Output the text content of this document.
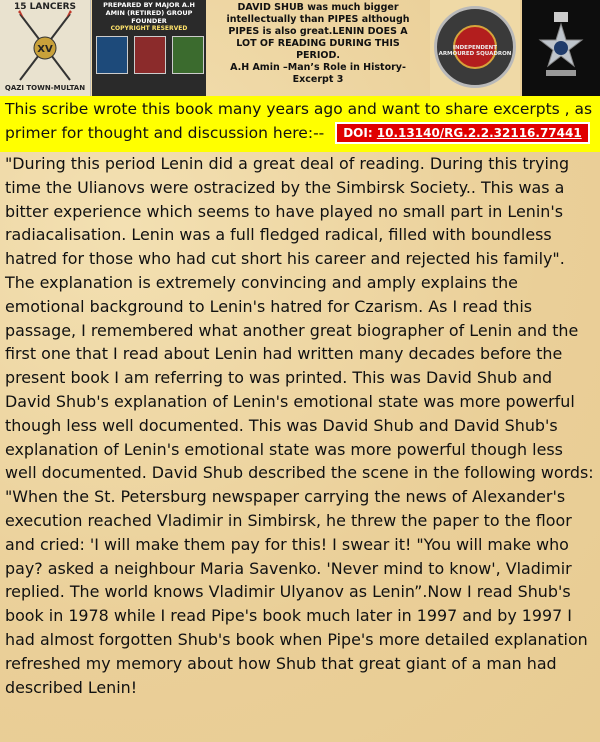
15 LANCERS
XV
QAZI TOWN-MULTAN
PREPARED BY MAJOR A.H
AMIN (RETIRED) GROUP
FOUNDER
COPYRIGHT RESERVED
DAVID SHUB was much bigger
intellectually than PIPES although
PIPES is also great.LENIN DOES A
LOT OF READING DURING THIS
PERIOD.
A.H Amin –Man’s Role in History-
Excerpt 3
INDEPENDENT ARMOURED SQUADRON
This scribe wrote this book many years ago and want to share excerpts , as primer for thought and discussion here:-- DOI: 10.13140/RG.2.2.32116.77441
"During this period Lenin did a great deal of reading. During this trying time the Ulianovs were ostracized by the Simbirsk Society.. This was a bitter experience which seems to have played no small part in Lenin's radiacalisation. Lenin was a full fledged radical, filled with boundless hatred for those who had cut short his career and rejected his family". The explanation is extremely convincing and amply explains the emotional background to Lenin's hatred for Czarism. As I read this passage, I remembered what another great biographer of Lenin and the first one that I read about Lenin had written many decades before the present book I am referring to was printed. This was David Shub and David Shub's explanation of Lenin's emotional state was more powerful though less well documented. This was David Shub and David Shub's explanation of Lenin's emotional state was more powerful though less well documented. David Shub described the scene in the following words: "When the St. Petersburg newspaper carrying the news of Alexander's execution reached Vladimir in Simbirsk, he threw the paper to the floor and cried: 'I will make them pay for this! I swear it! "You will make who pay? asked a neighbour Maria Savenko. 'Never mind to know', Vladimir replied. The world knows Vladimir Ulyanov as Lenin”.Now I read Shub's book in 1978 while I read Pipe's book much later in 1997 and by 1997 I had almost forgotten Shub's book when Pipe's more detailed explanation refreshed my memory about how Shub that great giant of a man had described Lenin!
